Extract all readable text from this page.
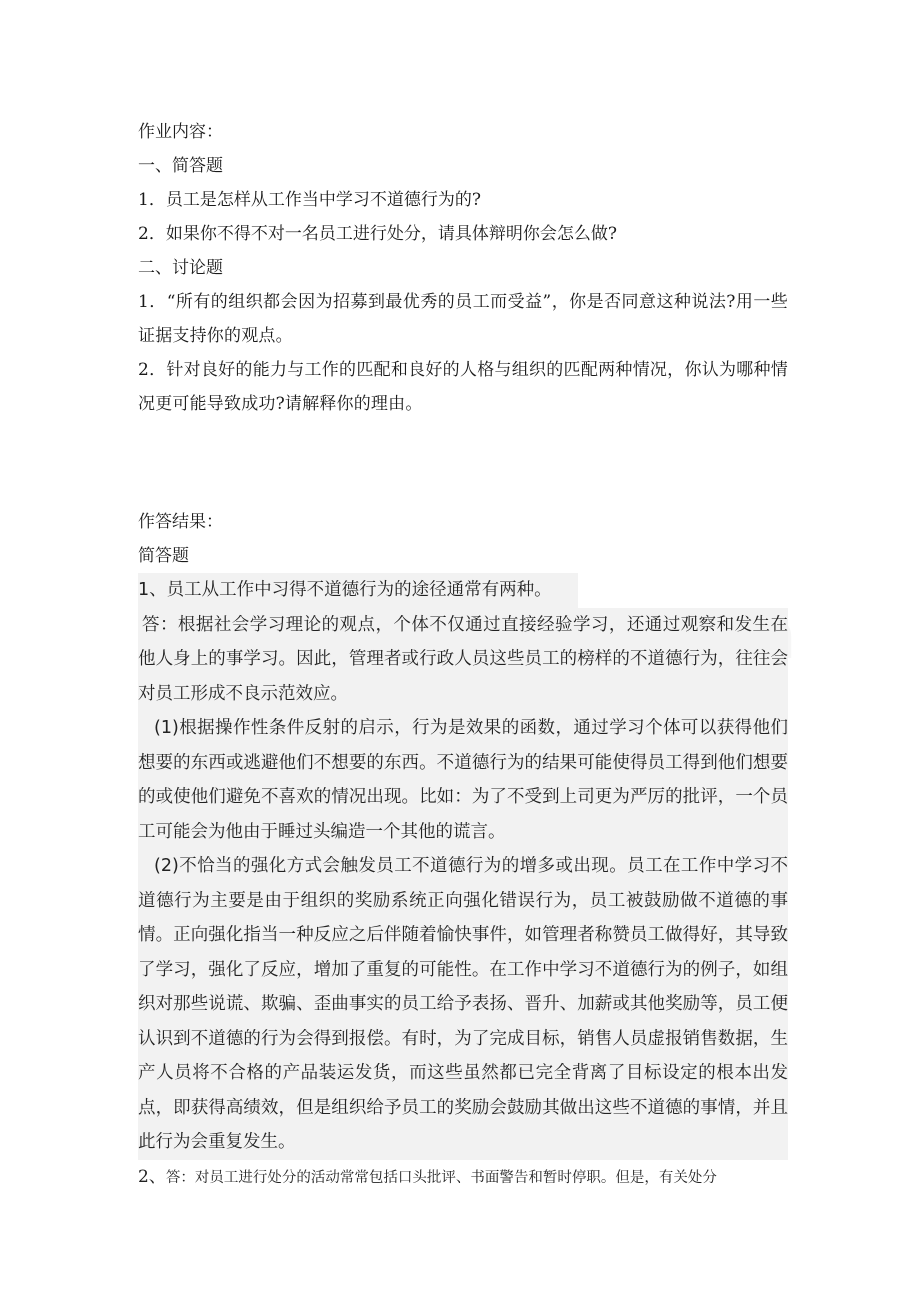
作业内容：

一、简答题

1．员工是怎样从工作当中学习不道德行为的?

2．如果你不得不对一名员工进行处分，请具体辩明你会怎么做?

二、讨论题

1．“所有的组织都会因为招募到最优秀的员工而受益”，你是否同意这种说法?用一些证据支持你的观点。

2．针对良好的能力与工作的匹配和良好的人格与组织的匹配两种情况，你认为哪种情况更可能导致成功?请解释你的理由。

作答结果：

简答题

1、员工从工作中习得不道德行为的途径通常有两种。

答：根据社会学习理论的观点，个体不仅通过直接经验学习，还通过观察和发生在他人身上的事学习。因此，管理者或行政人员这些员工的榜样的不道德行为，往往会对员工形成不良示范效应。

(1)根据操作性条件反射的启示，行为是效果的函数，通过学习个体可以获得他们想要的东西或逃避他们不想要的东西。不道德行为的结果可能使得员工得到他们想要的或使他们避免不喜欢的情况出现。比如：为了不受到上司更为严厉的批评，一个员工可能会为他由于睡过头编造一个其他的谎言。

(2)不恰当的强化方式会触发员工不道德行为的增多或出现。员工在工作中学习不道德行为主要是由于组织的奖励系统正向强化错误行为，员工被鼓励做不道德的事情。正向强化指当一种反应之后伴随着愉快事件，如管理者称赞员工做得好，其导致了学习，强化了反应，增加了重复的可能性。在工作中学习不道德行为的例子，如组织对那些说谎、欺骗、歪曲事实的员工给予表扬、晋升、加薪或其他奖励等，员工便认识到不道德的行为会得到报偿。有时，为了完成目标，销售人员虚报销售数据，生产人员将不合格的产品装运发货，而这些虽然都已完全背离了目标设定的根本出发点，即获得高绩效，但是组织给予员工的奖励会鼓励其做出这些不道德的事情，并且此行为会重复发生。

2、答：对员工进行处分的活动常常包括口头批评、书面警告和暂时停职。但是，有关处分
